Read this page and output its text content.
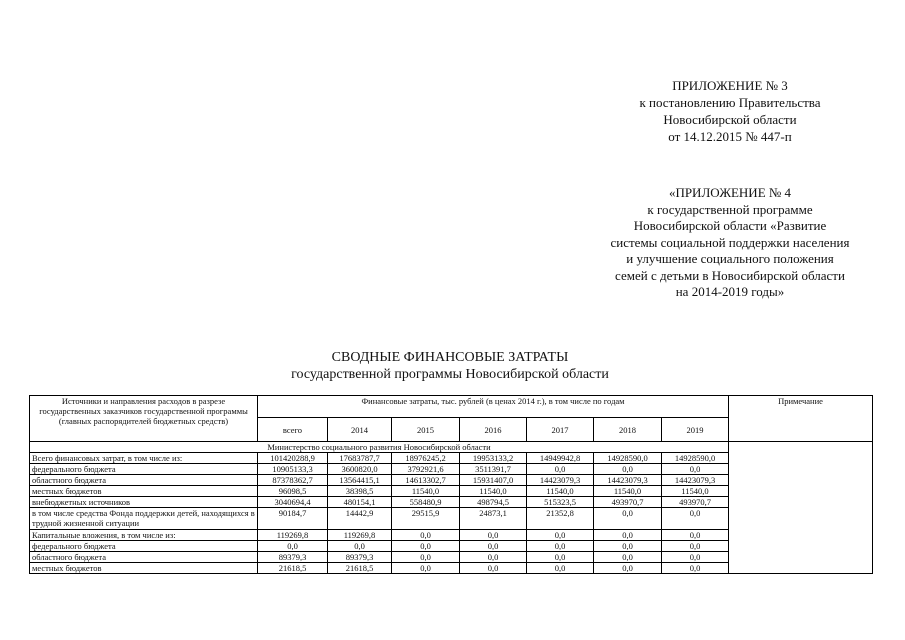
ПРИЛОЖЕНИЕ № 3
к постановлению Правительства
Новосибирской области
от 14.12.2015 № 447-п
«ПРИЛОЖЕНИЕ № 4
к государственной программе
Новосибирской области «Развитие
системы социальной поддержки населения
и улучшение социального положения
семей с детьми в Новосибирской области
на 2014-2019 годы»
СВОДНЫЕ ФИНАНСОВЫЕ ЗАТРАТЫ
государственной программы Новосибирской области
Источники и направления расходов в разрезе государственных заказчиков государственной программы (главных распорядителей бюджетных средств)	Финансовые затраты, тыс. рублей (в ценах 2014 г.), в том числе по годам							Примечание
	всего	2014	2015	2016	2017	2018	2019	
Министерство социального развития Новосибирской области								
Всего финансовых затрат, в том числе из:	101420288,9	17683787,7	18976245,2	19953133,2	14949942,8	14928590,0	14928590,0	
федерального бюджета	10905133,3	3600820,0	3792921,6	3511391,7	0,0	0,0	0,0	
областного бюджета	87378362,7	13564415,1	14613302,7	15931407,0	14423079,3	14423079,3	14423079,3	
местных бюджетов	96098,5	38398,5	11540,0	11540,0	11540,0	11540,0	11540,0	
внебюджетных источников	3040694,4	480154,1	558480,9	498794,5	515323,5	493970,7	493970,7	
в том числе средства Фонда поддержки детей, находящихся в трудной жизненной ситуации	90184,7	14442,9	29515,9	24873,1	21352,8	0,0	0,0	
Капитальные вложения, в том числе из:	119269,8	119269,8	0,0	0,0	0,0	0,0	0,0	
федерального бюджета	0,0	0,0	0,0	0,0	0,0	0,0	0,0	
областного бюджета	89379,3	89379,3	0,0	0,0	0,0	0,0	0,0	
местных бюджетов	21618,5	21618,5	0,0	0,0	0,0	0,0	0,0	
